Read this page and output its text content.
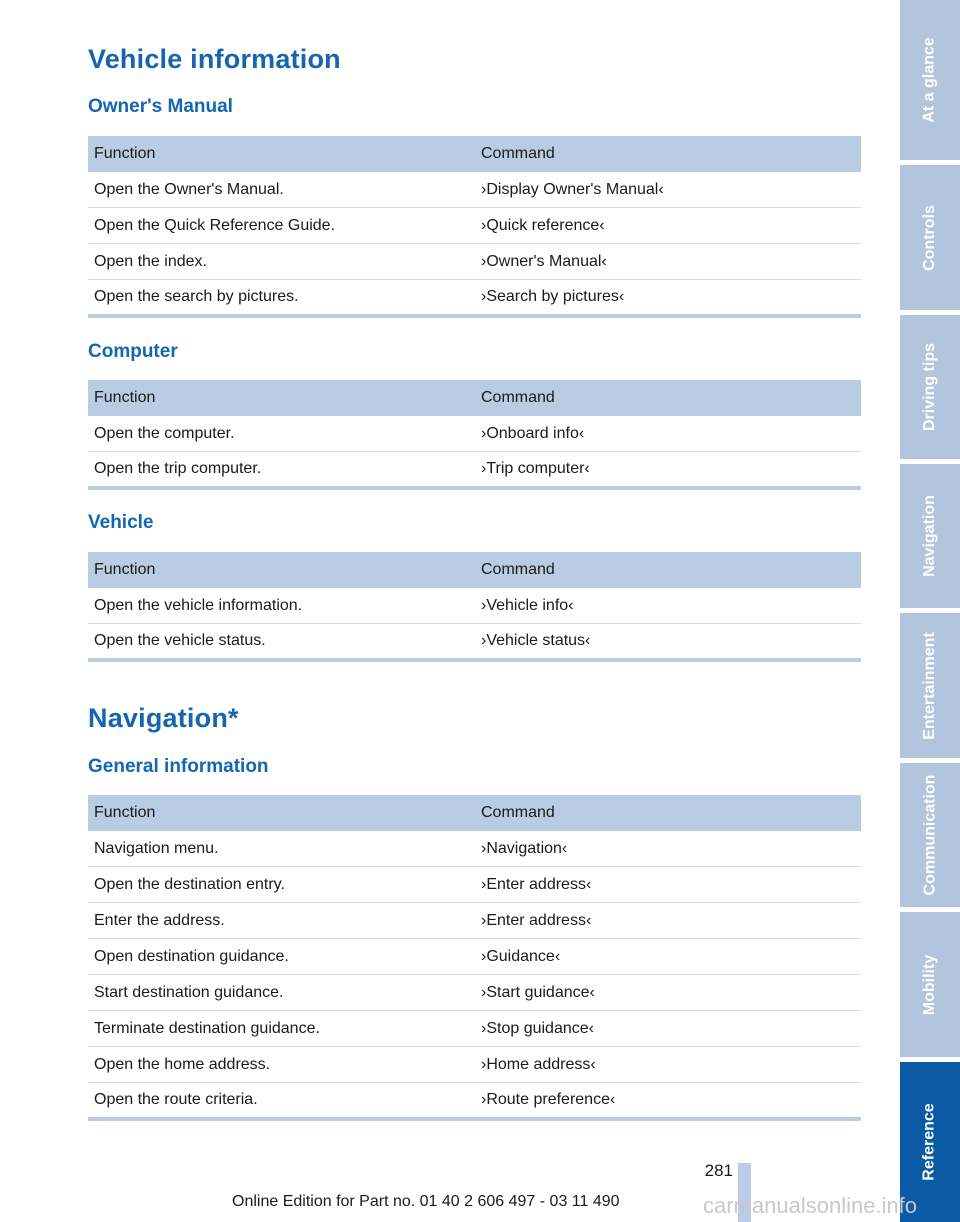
Vehicle information
Owner's Manual
Function	Command
Open the Owner's Manual.	›Display Owner's Manual‹
Open the Quick Reference Guide.	›Quick reference‹
Open the index.	›Owner's Manual‹
Open the search by pictures.	›Search by pictures‹
Computer
Function	Command
Open the computer.	›Onboard info‹
Open the trip computer.	›Trip computer‹
Vehicle
Function	Command
Open the vehicle information.	›Vehicle info‹
Open the vehicle status.	›Vehicle status‹
Navigation*
General information
Function	Command
Navigation menu.	›Navigation‹
Open the destination entry.	›Enter address‹
Enter the address.	›Enter address‹
Open destination guidance.	›Guidance‹
Start destination guidance.	›Start guidance‹
Terminate destination guidance.	›Stop guidance‹
Open the home address.	›Home address‹
Open the route criteria.	›Route preference‹
At a glance
Controls
Driving tips
Navigation
Entertainment
Communication
Mobility
Reference
281
Online Edition for Part no. 01 40 2 606 497 - 03 11 490	carmanualsonline.info
